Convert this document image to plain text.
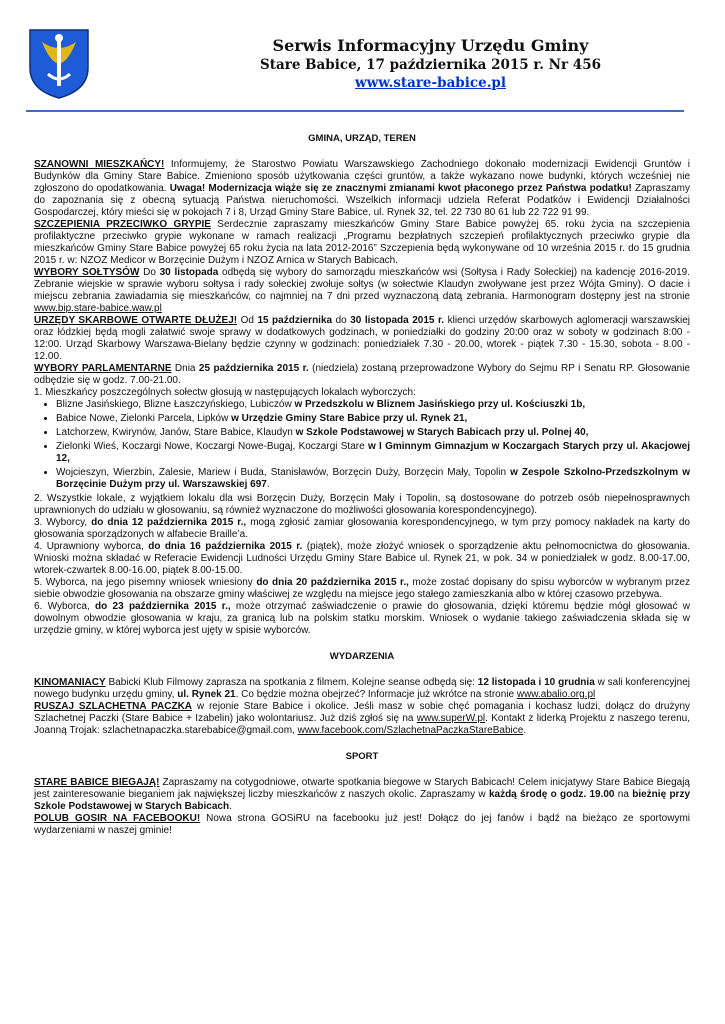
Serwis Informacyjny Urzędu Gminy
Stare Babice, 17 października 2015 r. Nr 456
www.stare-babice.pl
GMINA, URZĄD, TEREN

SZANOWNI MIESZKAŃCY! Informujemy, że Starostwo Powiatu Warszawskiego Zachodniego dokonało modernizacji Ewidencji Gruntów i Budynków dla Gminy Stare Babice. Zmieniono sposób użytkowania części gruntów, a także wykazano nowe budynki, których wcześniej nie zgłoszono do opodatkowania. Uwaga! Modernizacja wiąże się ze znacznymi zmianami kwot płaconego przez Państwa podatku! Zapraszamy do zapoznania się z obecną sytuacją Państwa nieruchomości. Wszelkich informacji udziela Referat Podatków i Ewidencji Działalności Gospodarczej, który mieści się w pokojach 7 i 8, Urząd Gminy Stare Babice, ul. Rynek 32, tel. 22 730 80 61 lub 22 722 91 99.

SZCZEPIENIA PRZECIWKO GRYPIE Serdecznie zapraszamy mieszkańców Gminy Stare Babice powyżej 65. roku życia na szczepienia profilaktyczne przeciwko grypie wykonane w ramach realizacji „Programu bezpłatnych szczepień profilaktycznych przeciwko grypie dla mieszkańców Gminy Stare Babice powyżej 65 roku życia na lata 2012-2016” Szczepienia będą wykonywane od 10 września 2015 r. do 15 grudnia 2015 r. w: NZOZ Medicor w Borzęcinie Dużym i NZOZ Arnica w Starych Babicach.

WYBORY SOŁTYSÓW Do 30 listopada odbędą się wybory do samorządu mieszkańców wsi (Sołtysa i Rady Sołeckiej) na kadencję 2016-2019. Zebranie wiejskie w sprawie wyboru sołtysa i rady sołeckiej zwołuje sołtys (w sołectwie Klaudyn zwoływane jest przez Wójta Gminy). O dacie i miejscu zebrania zawiadamia się mieszkańców, co najmniej na 7 dni przed wyznaczoną datą zebrania. Harmonogram dostępny jest na stronie www.bip.stare-babice.waw.pl

URZĘDY SKARBOWE OTWARTE DŁUŻEJ! Od 15 października do 30 listopada 2015 r. klienci urzędów skarbowych aglomeracji warszawskiej oraz łódzkiej będą mogli załatwić swoje sprawy w dodatkowych godzinach, w poniedziałki do godziny 20:00 oraz w soboty w godzinach 8:00 - 12:00. Urząd Skarbowy Warszawa-Bielany będzie czynny w godzinach: poniedziałek 7.30 - 20.00, wtorek - piątek 7.30 - 15.30, sobota - 8.00 - 12.00.

WYBORY PARLAMENTARNE Dnia 25 października 2015 r. (niedziela) zostaną przeprowadzone Wybory do Sejmu RP i Senatu RP. Głosowanie odbędzie się w godz. 7.00-21.00.

1. Mieszkańcy poszczególnych sołectw głosują w następujących lokalach wyborczych:

• Blizne Jasińskiego, Blizne Łaszczyńskiego, Lubiczów w Przedszkolu w Bliznem Jasińskiego przy ul. Kościuszki 1b,
• Babice Nowe, Zielonki Parcela, Lipków w Urzędzie Gminy Stare Babice przy ul. Rynek 21,
• Latchorzew, Kwirynów, Janów, Stare Babice, Klaudyn w Szkole Podstawowej w Starych Babicach przy ul. Polnej 40,
• Zielonki Wieś, Koczargi Nowe, Koczargi Nowe-Bugaj, Koczargi Stare w I Gminnym Gimnazjum w Koczargach Starych przy ul. Akacjowej 12,
• Wojcieszyn, Wierzbin, Zalesie, Mariew i Buda, Stanisławów, Borzęcin Duży, Borzęcin Mały, Topolin w Zespole Szkolno-Przedszkolnym w Borzęcinie Dużym przy ul. Warszawskiej 697.

2. Wszystkie lokale, z wyjątkiem lokalu dla wsi Borzęcin Duży, Borzęcin Mały i Topolin, są dostosowane do potrzeb osób niepełnosprawnych uprawnionych do udziału w głosowaniu, są również wyznaczone do możliwości głosowania korespondencyjnego).

3. Wyborcy, do dnia 12 października 2015 r., mogą zgłosić zamiar głosowania korespondencyjnego, w tym przy pomocy nakładek na karty do głosowania sporządzonych w alfabecie Braille’a.

4. Uprawniony wyborca, do dnia 16 października 2015 r. (piątek), może złożyć wniosek o sporządzenie aktu pełnomocnictwa do głosowania. Wnioski można składać w Referacie Ewidencji Ludności Urzędu Gminy Stare Babice ul. Rynek 21, w pok. 34 w poniedziałek w godz. 8.00-17.00, wtorek-czwartek 8.00-16.00, piątek 8.00-15.00.

5. Wyborca, na jego pisemny wniosek wniesiony do dnia 20 października 2015 r., może zostać dopisany do spisu wyborców w wybranym przez siebie obwodzie głosowania na obszarze gminy właściwej ze względu na miejsce jego stałego zamieszkania albo w której czasowo przebywa.

6. Wyborca, do 23 października 2015 r., może otrzymać zaświadczenie o prawie do głosowania, dzięki któremu będzie mógł głosować w dowolnym obwodzie głosowania w kraju, za granicą lub na polskim statku morskim. Wniosek o wydanie takiego zaświadczenia składa się w urzędzie gminy, w której wyborca jest ujęty w spisie wyborców.

WYDARZENIA

KINOMANIACY Babicki Klub Filmowy zaprasza na spotkania z filmem. Kolejne seanse odbędą się: 12 listopada i 10 grudnia w sali konferencyjnej nowego budynku urzędu gminy, ul. Rynek 21. Co będzie można obejrzeć? Informacje już wkrótce na stronie www.abalio.org.pl

RUSZAJ SZLACHETNA PACZKA w rejonie Stare Babice i okolice. Jeśli masz w sobie chęć pomagania i kochasz ludzi, dołącz do drużyny Szlachetnej Paczki (Stare Babice + Izabelin) jako wolontariusz. Już dziś zgłoś się na www.superW.pl. Kontakt z liderką Projektu z naszego terenu, Joanną Trojak: szlachetnapaczka.starebabice@gmail.com, www.facebook.com/SzlachetnaPaczkaStareBabice.

SPORT

STARE BABICE BIEGAJĄ! Zapraszamy na cotygodniowe, otwarte spotkania biegowe w Starych Babicach! Celem inicjatywy Stare Babice Biegają jest zainteresowanie bieganiem jak największej liczby mieszkańców z naszych okolic. Zapraszamy w każdą środę o godz. 19.00 na bieżnię przy Szkole Podstawowej w Starych Babicach.

POLUB GOSIR NA FACEBOOKU! Nowa strona GOSiRU na facebooku już jest! Dołącz do jej fanów i bądź na bieżąco ze sportowymi wydarzeniami w naszej gminie!
